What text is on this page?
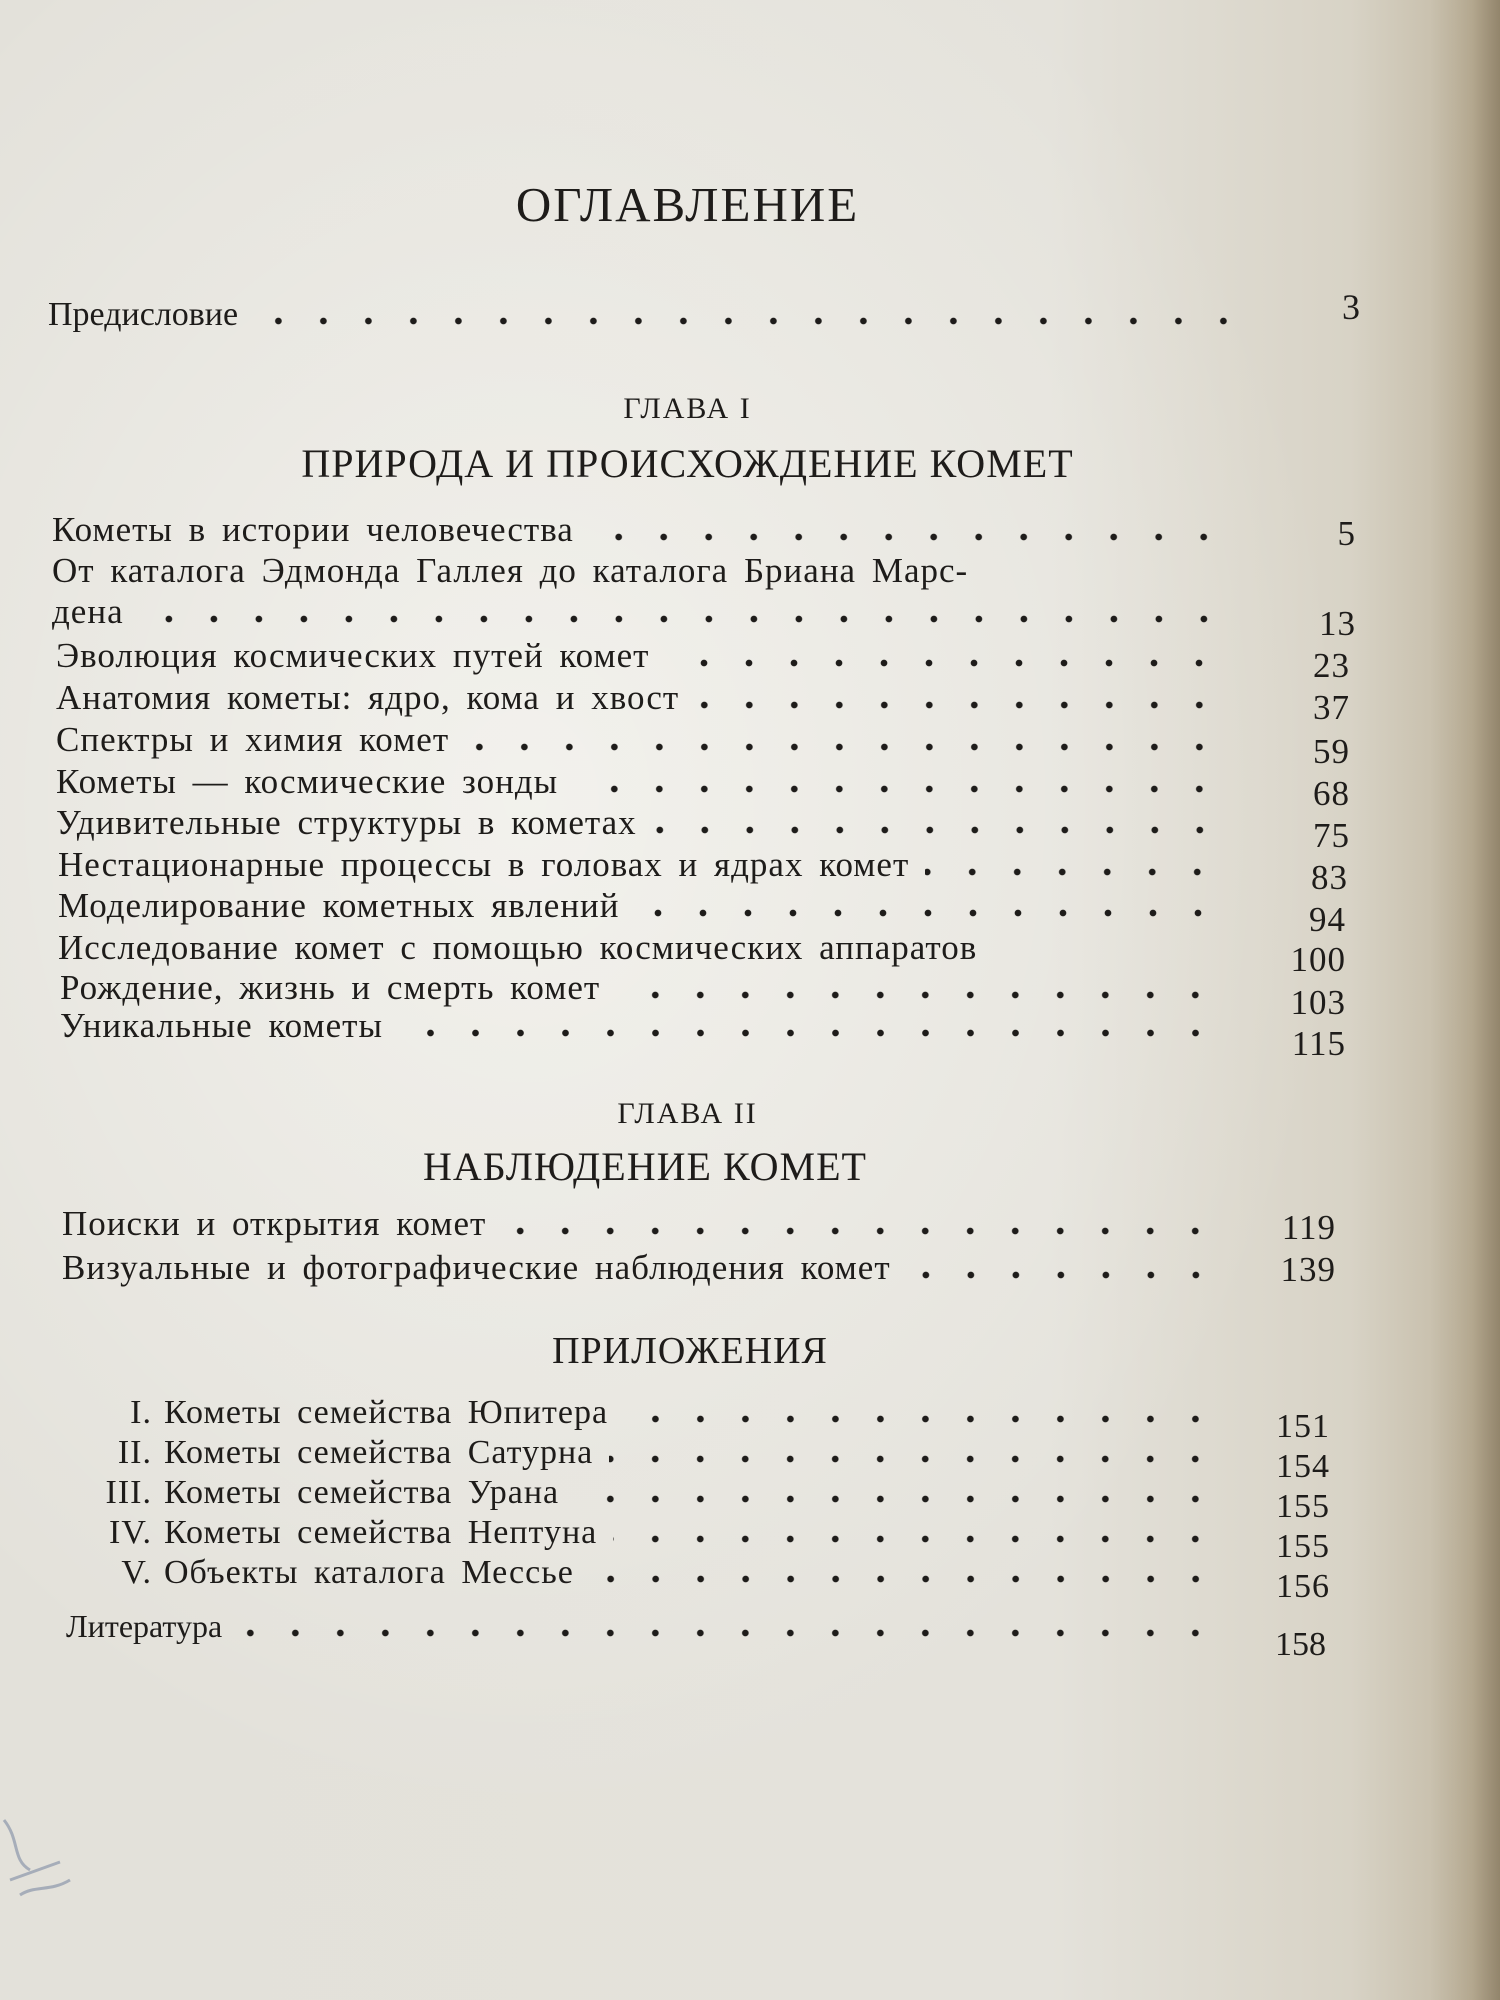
ОГЛАВЛЕНИЕ
Предисловие	3
ГЛАВА I
ПРИРОДА И ПРОИСХОЖДЕНИЕ КОМЕТ
Кометы в истории человечества	5
От каталога Эдмонда Галлея до каталога Бриана Марс-
дена	13
Эволюция космических путей комет	23
Анатомия кометы: ядро, кома и хвост	37
Спектры и химия комет	59
Кометы — космические зонды	68
Удивительные структуры в кометах	75
Нестационарные процессы в головах и ядрах комет	83
Моделирование кометных явлений	94
Исследование комет с помощью космических аппаратов	100
Рождение, жизнь и смерть комет	103
Уникальные кометы	115
ГЛАВА II
НАБЛЮДЕНИЕ КОМЕТ
Поиски и открытия комет	119
Визуальные и фотографические наблюдения комет	139
ПРИЛОЖЕНИЯ
I. Кометы семейства Юпитера	151
II. Кометы семейства Сатурна	154
III. Кометы семейства Урана	155
IV. Кометы семейства Нептуна	155
V. Объекты каталога Мессье	156
Литература	158
